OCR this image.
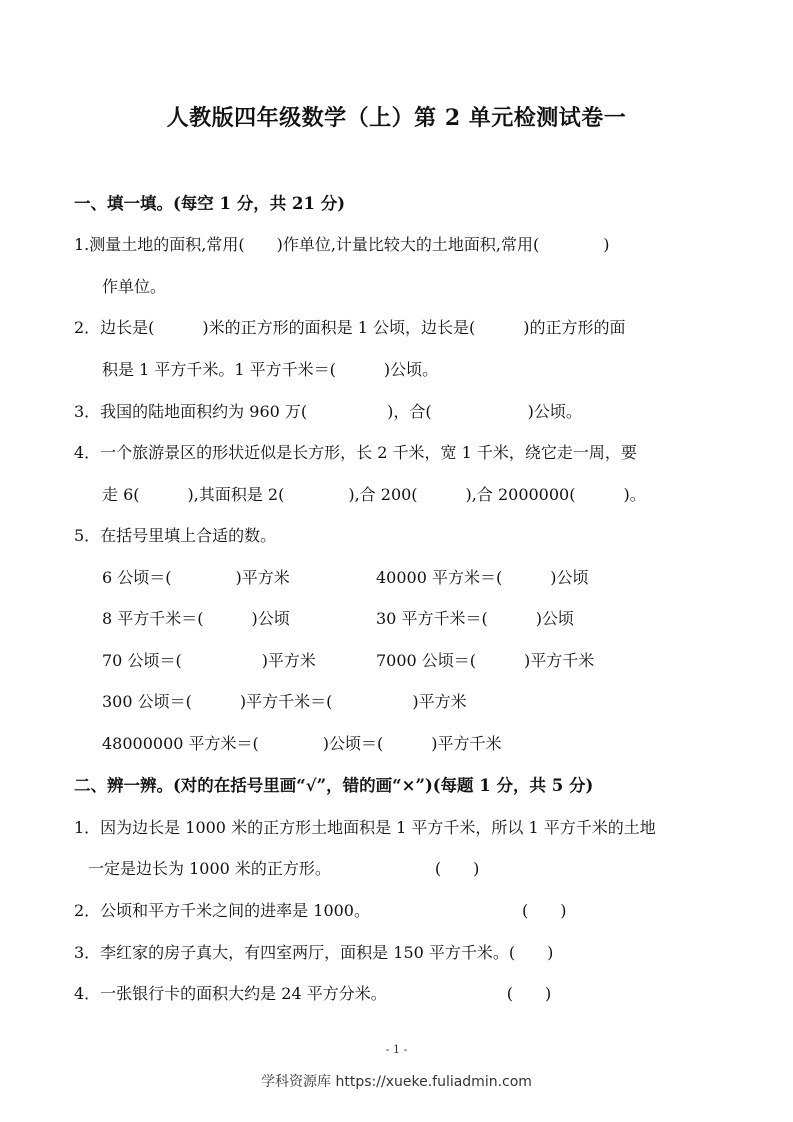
人教版四年级数学（上）第 2 单元检测试卷一
一、填一填。(每空 1 分，共 21 分)
1.测量土地的面积,常用(　　)作单位,计量比较大的土地面积,常用(　　　　)
作单位。
2．边长是(　　　)米的正方形的面积是 1 公顷，边长是(　　　)的正方形的面
积是 1 平方千米。1 平方千米＝(　　　)公顷。
3．我国的陆地面积约为 960 万(　　　　　)，合(　　　　　　)公顷。
4．一个旅游景区的形状近似是长方形，长 2 千米，宽 1 千米，绕它走一周，要
走 6(　　　),其面积是 2(　　　　),合 200(　　　),合 2000000(　　　)。
5．在括号里填上合适的数。
6 公顷＝(　　　　)平方米	40000 平方米＝(　　　)公顷
8 平方千米＝(　　　)公顷	30 平方千米＝(　　　)公顷
70 公顷＝(　　　　　)平方米	7000 公顷＝(　　　)平方千米
300 公顷＝(　　　)平方千米＝(　　　　　)平方米
48000000 平方米＝(　　　　)公顷＝(　　　)平方千米
二、辨一辨。(对的在括号里画“√”，错的画“×”)(每题 1 分，共 5 分)
1．因为边长是 1000 米的正方形土地面积是 1 平方千米，所以 1 平方千米的土地
一定是边长为 1000 米的正方形。　　　　　　　(　　)
2．公顷和平方千米之间的进率是 1000。　　　　　　　　　　(　　)
3．李红家的房子真大，有四室两厅，面积是 150 平方千米。(　　)
4．一张银行卡的面积大约是 24 平方分米。　　　　　　　　(　　)
- 1 -
学科资源库 https://xueke.fuliadmin.com
